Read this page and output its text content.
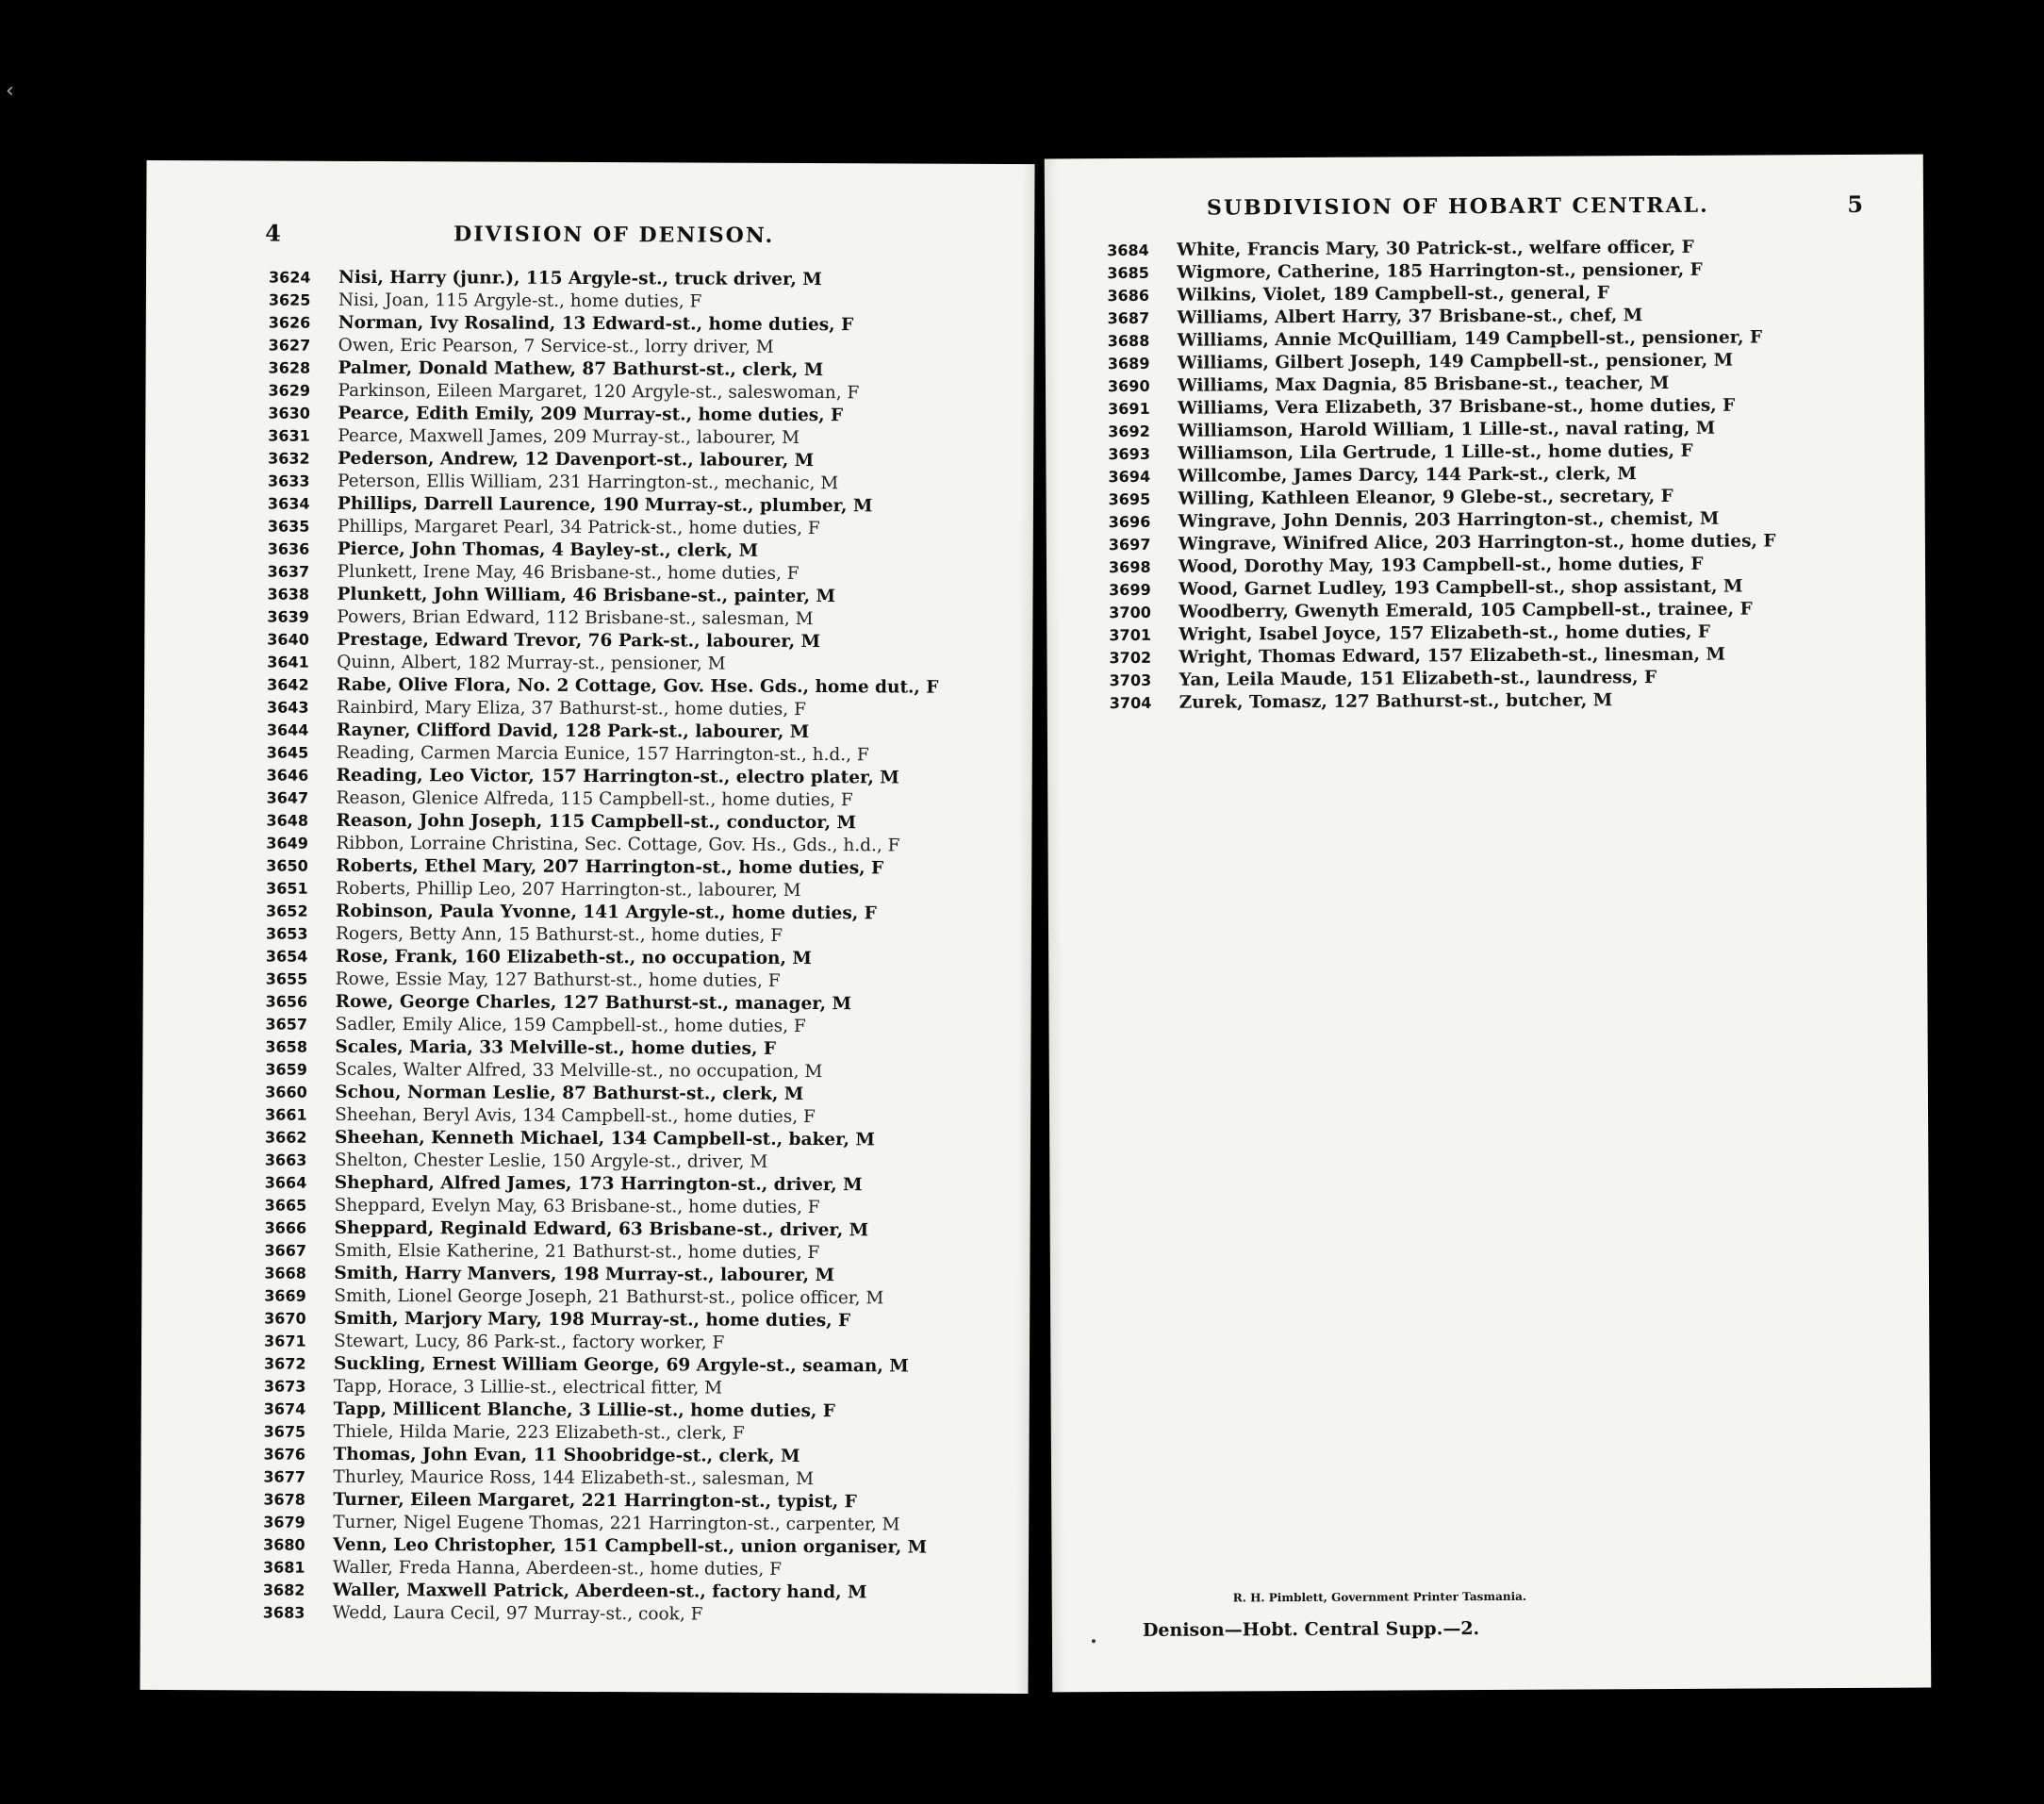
‹
4	DIVISION OF DENISON.
3624	Nisi, Harry (junr.), 115 Argyle-st., truck driver, M
3625	Nisi, Joan, 115 Argyle-st., home duties, F
3626	Norman, Ivy Rosalind, 13 Edward-st., home duties, F
3627	Owen, Eric Pearson, 7 Service-st., lorry driver, M
3628	Palmer, Donald Mathew, 87 Bathurst-st., clerk, M
3629	Parkinson, Eileen Margaret, 120 Argyle-st., saleswoman, F
3630	Pearce, Edith Emily, 209 Murray-st., home duties, F
3631	Pearce, Maxwell James, 209 Murray-st., labourer, M
3632	Pederson, Andrew, 12 Davenport-st., labourer, M
3633	Peterson, Ellis William, 231 Harrington-st., mechanic, M
3634	Phillips, Darrell Laurence, 190 Murray-st., plumber, M
3635	Phillips, Margaret Pearl, 34 Patrick-st., home duties, F
3636	Pierce, John Thomas, 4 Bayley-st., clerk, M
3637	Plunkett, Irene May, 46 Brisbane-st., home duties, F
3638	Plunkett, John William, 46 Brisbane-st., painter, M
3639	Powers, Brian Edward, 112 Brisbane-st., salesman, M
3640	Prestage, Edward Trevor, 76 Park-st., labourer, M
3641	Quinn, Albert, 182 Murray-st., pensioner, M
3642	Rabe, Olive Flora, No. 2 Cottage, Gov. Hse. Gds., home dut., F
3643	Rainbird, Mary Eliza, 37 Bathurst-st., home duties, F
3644	Rayner, Clifford David, 128 Park-st., labourer, M
3645	Reading, Carmen Marcia Eunice, 157 Harrington-st., h.d., F
3646	Reading, Leo Victor, 157 Harrington-st., electro plater, M
3647	Reason, Glenice Alfreda, 115 Campbell-st., home duties, F
3648	Reason, John Joseph, 115 Campbell-st., conductor, M
3649	Ribbon, Lorraine Christina, Sec. Cottage, Gov. Hs., Gds., h.d., F
3650	Roberts, Ethel Mary, 207 Harrington-st., home duties, F
3651	Roberts, Phillip Leo, 207 Harrington-st., labourer, M
3652	Robinson, Paula Yvonne, 141 Argyle-st., home duties, F
3653	Rogers, Betty Ann, 15 Bathurst-st., home duties, F
3654	Rose, Frank, 160 Elizabeth-st., no occupation, M
3655	Rowe, Essie May, 127 Bathurst-st., home duties, F
3656	Rowe, George Charles, 127 Bathurst-st., manager, M
3657	Sadler, Emily Alice, 159 Campbell-st., home duties, F
3658	Scales, Maria, 33 Melville-st., home duties, F
3659	Scales, Walter Alfred, 33 Melville-st., no occupation, M
3660	Schou, Norman Leslie, 87 Bathurst-st., clerk, M
3661	Sheehan, Beryl Avis, 134 Campbell-st., home duties, F
3662	Sheehan, Kenneth Michael, 134 Campbell-st., baker, M
3663	Shelton, Chester Leslie, 150 Argyle-st., driver, M
3664	Shephard, Alfred James, 173 Harrington-st., driver, M
3665	Sheppard, Evelyn May, 63 Brisbane-st., home duties, F
3666	Sheppard, Reginald Edward, 63 Brisbane-st., driver, M
3667	Smith, Elsie Katherine, 21 Bathurst-st., home duties, F
3668	Smith, Harry Manvers, 198 Murray-st., labourer, M
3669	Smith, Lionel George Joseph, 21 Bathurst-st., police officer, M
3670	Smith, Marjory Mary, 198 Murray-st., home duties, F
3671	Stewart, Lucy, 86 Park-st., factory worker, F
3672	Suckling, Ernest William George, 69 Argyle-st., seaman, M
3673	Tapp, Horace, 3 Lillie-st., electrical fitter, M
3674	Tapp, Millicent Blanche, 3 Lillie-st., home duties, F
3675	Thiele, Hilda Marie, 223 Elizabeth-st., clerk, F
3676	Thomas, John Evan, 11 Shoobridge-st., clerk, M
3677	Thurley, Maurice Ross, 144 Elizabeth-st., salesman, M
3678	Turner, Eileen Margaret, 221 Harrington-st., typist, F
3679	Turner, Nigel Eugene Thomas, 221 Harrington-st., carpenter, M
3680	Venn, Leo Christopher, 151 Campbell-st., union organiser, M
3681	Waller, Freda Hanna, Aberdeen-st., home duties, F
3682	Waller, Maxwell Patrick, Aberdeen-st., factory hand, M
3683	Wedd, Laura Cecil, 97 Murray-st., cook, F
SUBDIVISION OF HOBART CENTRAL.	5
3684	White, Francis Mary, 30 Patrick-st., welfare officer, F
3685	Wigmore, Catherine, 185 Harrington-st., pensioner, F
3686	Wilkins, Violet, 189 Campbell-st., general, F
3687	Williams, Albert Harry, 37 Brisbane-st., chef, M
3688	Williams, Annie McQuilliam, 149 Campbell-st., pensioner, F
3689	Williams, Gilbert Joseph, 149 Campbell-st., pensioner, M
3690	Williams, Max Dagnia, 85 Brisbane-st., teacher, M
3691	Williams, Vera Elizabeth, 37 Brisbane-st., home duties, F
3692	Williamson, Harold William, 1 Lille-st., naval rating, M
3693	Williamson, Lila Gertrude, 1 Lille-st., home duties, F
3694	Willcombe, James Darcy, 144 Park-st., clerk, M
3695	Willing, Kathleen Eleanor, 9 Glebe-st., secretary, F
3696	Wingrave, John Dennis, 203 Harrington-st., chemist, M
3697	Wingrave, Winifred Alice, 203 Harrington-st., home duties, F
3698	Wood, Dorothy May, 193 Campbell-st., home duties, F
3699	Wood, Garnet Ludley, 193 Campbell-st., shop assistant, M
3700	Woodberry, Gwenyth Emerald, 105 Campbell-st., trainee, F
3701	Wright, Isabel Joyce, 157 Elizabeth-st., home duties, F
3702	Wright, Thomas Edward, 157 Elizabeth-st., linesman, M
3703	Yan, Leila Maude, 151 Elizabeth-st., laundress, F
3704	Zurek, Tomasz, 127 Bathurst-st., butcher, M
R. H. Pimblett, Government Printer Tasmania.
Denison—Hobt. Central Supp.—2.
